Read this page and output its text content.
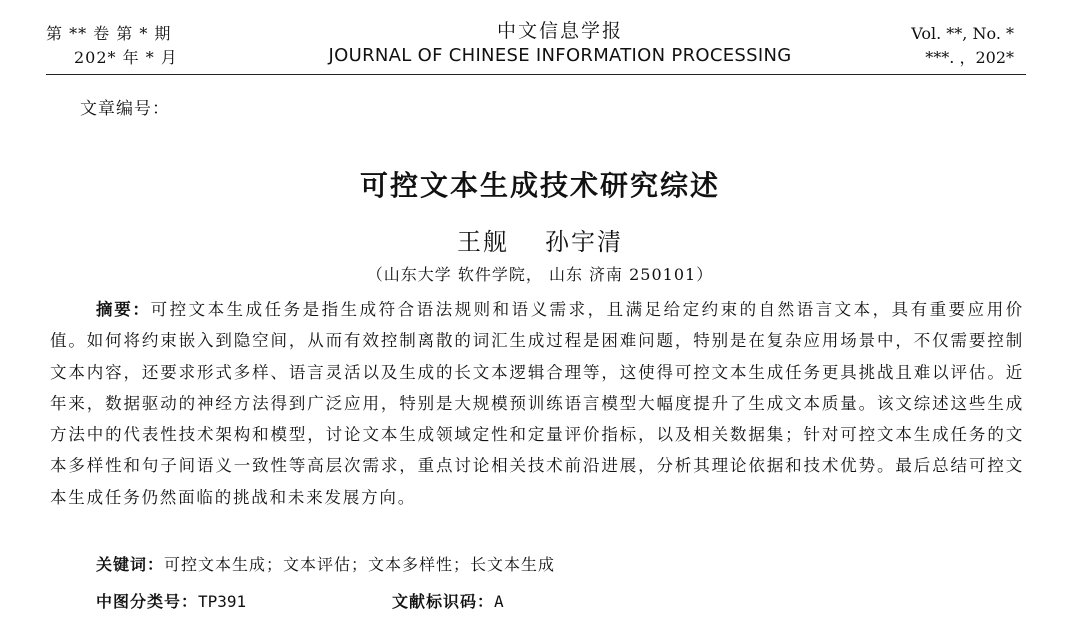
第 ** 卷 第 * 期
202* 年 * 月
中文信息学报
JOURNAL OF CHINESE INFORMATION PROCESSING
Vol. **, No. *
***. ，202*
文章编号：
可控文本生成技术研究综述
王舰 孙宇清
（山东大学 软件学院， 山东 济南 250101）

摘要：可控文本生成任务是指生成符合语法规则和语义需求，且满足给定约束的自然语言文本，具有重要应用价值。如何将约束嵌入到隐空间，从而有效控制离散的词汇生成过程是困难问题，特别是在复杂应用场景中，不仅需要控制文本内容，还要求形式多样、语言灵活以及生成的长文本逻辑合理等，这使得可控文本生成任务更具挑战且难以评估。近年来，数据驱动的神经方法得到广泛应用，特别是大规模预训练语言模型大幅度提升了生成文本质量。该文综述这些生成方法中的代表性技术架构和模型，讨论文本生成领域定性和定量评价指标，以及相关数据集；针对可控文本生成任务的文本多样性和句子间语义一致性等高层次需求，重点讨论相关技术前沿进展，分析其理论依据和技术优势。最后总结可控文本生成任务仍然面临的挑战和未来发展方向。

关键词：可控文本生成；文本评估；文本多样性；长文本生成
中图分类号：TP391	文献标识码：A
